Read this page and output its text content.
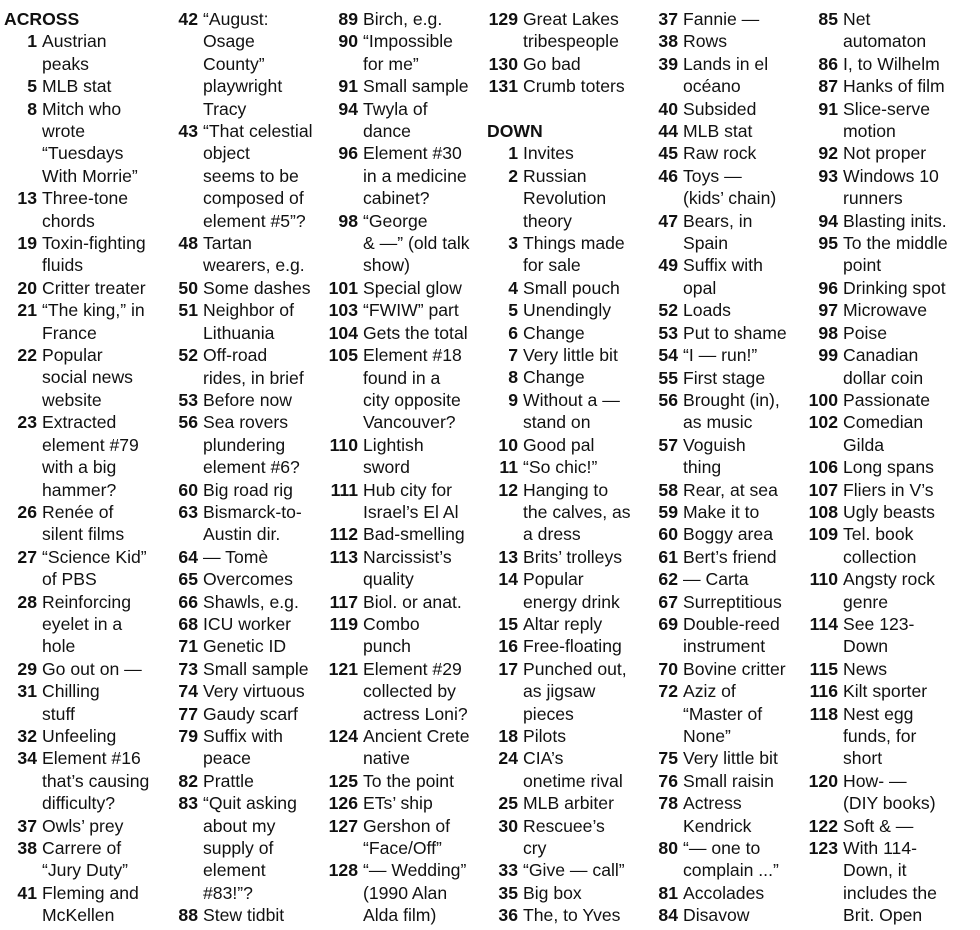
ACROSS
1 Austrian
peaks
5 MLB stat
8 Mitch who
wrote
“Tuesdays
With Morrie”
13 Three-tone
chords
19 Toxin-fighting
fluids
20 Critter treater
21 “The king,” in
France
22 Popular
social news
website
23 Extracted
element #79
with a big
hammer?
26 Renée of
silent films
27 “Science Kid”
of PBS
28 Reinforcing
eyelet in a
hole
29 Go out on —
31 Chilling
stuff
32 Unfeeling
34 Element #16
that’s causing
difficulty?
37 Owls’ prey
38 Carrere of
“Jury Duty”
41 Fleming and
McKellen
42 “August:
Osage
County”
playwright
Tracy
43 “That celestial
object
seems to be
composed of
element #5”?
48 Tartan
wearers, e.g.
50 Some dashes
51 Neighbor of
Lithuania
52 Off-road
rides, in brief
53 Before now
56 Sea rovers
plundering
element #6?
60 Big road rig
63 Bismarck-to-
Austin dir.
64 — Tomè
65 Overcomes
66 Shawls, e.g.
68 ICU worker
71 Genetic ID
73 Small sample
74 Very virtuous
77 Gaudy scarf
79 Suffix with
peace
82 Prattle
83 “Quit asking
about my
supply of
element
#83!”?
88 Stew tidbit
89 Birch, e.g.
90 “Impossible
for me”
91 Small sample
94 Twyla of
dance
96 Element #30
in a medicine
cabinet?
98 “George
& —” (old talk
show)
101 Special glow
103 “FWIW” part
104 Gets the total
105 Element #18
found in a
city opposite
Vancouver?
110 Lightish
sword
111 Hub city for
Israel’s El Al
112 Bad-smelling
113 Narcissist’s
quality
117 Biol. or anat.
119 Combo
punch
121 Element #29
collected by
actress Loni?
124 Ancient Crete
native
125 To the point
126 ETs’ ship
127 Gershon of
“Face/Off”
128 “— Wedding”
(1990 Alan
Alda film)
129 Great Lakes
tribespeople
130 Go bad
131 Crumb toters
DOWN
1 Invites
2 Russian
Revolution
theory
3 Things made
for sale
4 Small pouch
5 Unendingly
6 Change
7 Very little bit
8 Change
9 Without a —
stand on
10 Good pal
11 “So chic!”
12 Hanging to
the calves, as
a dress
13 Brits’ trolleys
14 Popular
energy drink
15 Altar reply
16 Free-floating
17 Punched out,
as jigsaw
pieces
18 Pilots
24 CIA’s
onetime rival
25 MLB arbiter
30 Rescuee’s
cry
33 “Give — call”
35 Big box
36 The, to Yves
37 Fannie —
38 Rows
39 Lands in el
océano
40 Subsided
44 MLB stat
45 Raw rock
46 Toys —
(kids’ chain)
47 Bears, in
Spain
49 Suffix with
opal
52 Loads
53 Put to shame
54 “I — run!”
55 First stage
56 Brought (in),
as music
57 Voguish
thing
58 Rear, at sea
59 Make it to
60 Boggy area
61 Bert’s friend
62 — Carta
67 Surreptitious
69 Double-reed
instrument
70 Bovine critter
72 Aziz of
“Master of
None”
75 Very little bit
76 Small raisin
78 Actress
Kendrick
80 “— one to
complain ...”
81 Accolades
84 Disavow
85 Net
automaton
86 I, to Wilhelm
87 Hanks of film
91 Slice-serve
motion
92 Not proper
93 Windows 10
runners
94 Blasting inits.
95 To the middle
point
96 Drinking spot
97 Microwave
98 Poise
99 Canadian
dollar coin
100 Passionate
102 Comedian
Gilda
106 Long spans
107 Fliers in V’s
108 Ugly beasts
109 Tel. book
collection
110 Angsty rock
genre
114 See 123-
Down
115 News
116 Kilt sporter
118 Nest egg
funds, for
short
120 How- —
(DIY books)
122 Soft & —
123 With 114-
Down, it
includes the
Brit. Open
